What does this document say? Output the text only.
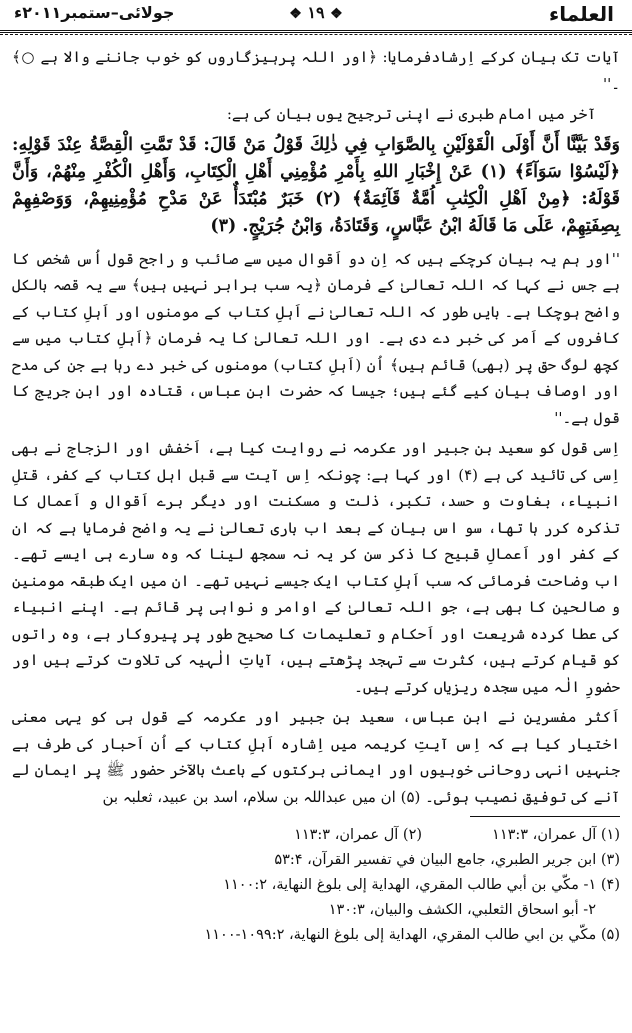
العلماء
❖ ۱۹ ❖
جولائی–ستمبر۲۰۱۱ء

آیات تک بیان کرکے اِرشادفرمایا: ﴿اور اللہ پرہیزگاروں کو خوب جاننے والا ہے ○﴾ ۔''

آخر میں امام طبری نے اپنی ترجیح یوں بیان کی ہے:

وَقَدْ بَيَّنَّا أَنَّ أَوْلَى الْقَوْلَيْنِ بِالصَّوَابِ فِي ذٰلِكَ قَوْلُ مَنْ قَالَ: قَدْ تَمَّتِ الْقِصَّةُ عِنْدَ قَوْلِهِ: ﴿لَيْسُوْا سَوَآءً﴾ (۱) عَنْ إِخْبَارِ اللهِ بِأَمْرِ مُؤْمِنِي أَهْلِ الْكِتَابِ، وَأَهْلِ الْكُفْرِ مِنْهُمْ، وَأَنَّ قَوْلَهُ: ﴿مِنْ اَهْلِ الْكِتٰبِ اُمَّةٌ قَآئِمَةٌ﴾ (۲) خَبَرٌ مُبْتَدَأٌ عَنْ مَدْحِ مُؤْمِنِيهِمْ، وَوَصْفِهِمْ بِصِفَتِهِمْ، عَلَى مَا قَالَهُ ابْنُ عَبَّاسٍ، وَقَتَادَةُ، وَابْنُ جُرَيْجٍ. (۳)

''اور ہم یہ بیان کرچکے ہیں کہ اِن دو اَقوال میں سے صائب و راجح قول اُس شخص کا ہے جس نے کہا کہ اللہ تعالیٰ کے فرمان ﴿یہ سب برابر نہیں ہیں﴾ سے یہ قصہ بالکل واضح ہوچکا ہے۔ بایں طور کہ اللہ تعالیٰ نے اَہلِ کتاب کے مومنوں اور اَہلِ کتاب کے کافروں کے اَمر کی خبر دے دی ہے۔ اور اللہ تعالیٰ کا یہ فرمان ﴿اَہلِ کتاب میں سے کچھ لوگ حق پر (بھی) قائم ہیں﴾ اُن (اَہلِ کتاب) مومنوں کی خبر دے رہا ہے جن کی مدح اور اوصاف بیان کیے گئے ہیں؛ جیسا کہ حضرت ابن عباس، قتادہ اور ابن جریج کا قول ہے۔''

اِسی قول کو سعید بن جبیر اور عکرمہ نے روایت کیا ہے، اَخفش اور الزجاج نے بھی اِسی کی تائید کی ہے (۴) اور کہا ہے: چونکہ اِس آیت سے قبل اہل کتاب کے کفر، قتلِ انبیاء، بغاوت و حسد، تکبر، ذلت و مسکنت اور دیگر برے اَقوال و اَعمال کا تذکرہ کرر ہا تھا، سو اس بیان کے بعد اب باری تعالیٰ نے یہ واضح فرمایا ہے کہ ان کے کفر اور اَعمالِ قبیح کا ذکر سن کر یہ نہ سمجھ لینا کہ وہ سارے ہی ایسے تھے۔ اب وضاحت فرمائی کہ سب اَہلِ کتاب ایک جیسے نہیں تھے۔ ان میں ایک طبقہ مومنین و صالحین کا بھی ہے، جو اللہ تعالیٰ کے اوامر و نواہی پر قائم ہے۔ اپنے انبیاء کی عطا کردہ شریعت اور اَحکام و تعلیمات کا صحیح طور پر پیروکار ہے، وہ راتوں کو قیام کرتے ہیں، کثرت سے تہجد پڑھتے ہیں، آیاتِ الٰہیہ کی تلاوت کرتے ہیں اور حضورِ الٰہ میں سجدہ ریزیاں کرتے ہیں۔

اَکثر مفسرین نے ابن عباس، سعید بن جبیر اور عکرمہ کے قول ہی کو یہی معنی اختیار کیا ہے کہ اِس آیتِ کریمہ میں اِشارہ اَہلِ کتاب کے اُن اَحبار کی طرف ہے جنہیں انہی روحانی خوبیوں اور ایمانی برکتوں کے باعث بالآخر حضور ﷺ پر ایمان لے آنے کی توفیق نصیب ہوئی۔ (۵) ان میں عبداللہ بن سلام، اسد بن عبید، ثعلبہ بن

(۱) آل عمران، ۱۱۳:۳(۲) آل عمران، ۱۱۳:۳

(۳) ابن جرير الطبري، جامع البيان في تفسير القرآن، ۵۳:۴

(۴) ۱- مكّي بن أبي طالب المقري، الهداية إلى بلوغ النهاية، ۱۱۰۰:۲

۲- أبو اسحاق الثعلبي، الكشف والبيان، ۱۳۰:۳

(۵) مكّي بن ابي طالب المقري، الهداية إلى بلوغ النهاية، ۱۰۹۹:۲-۱۱۰۰
